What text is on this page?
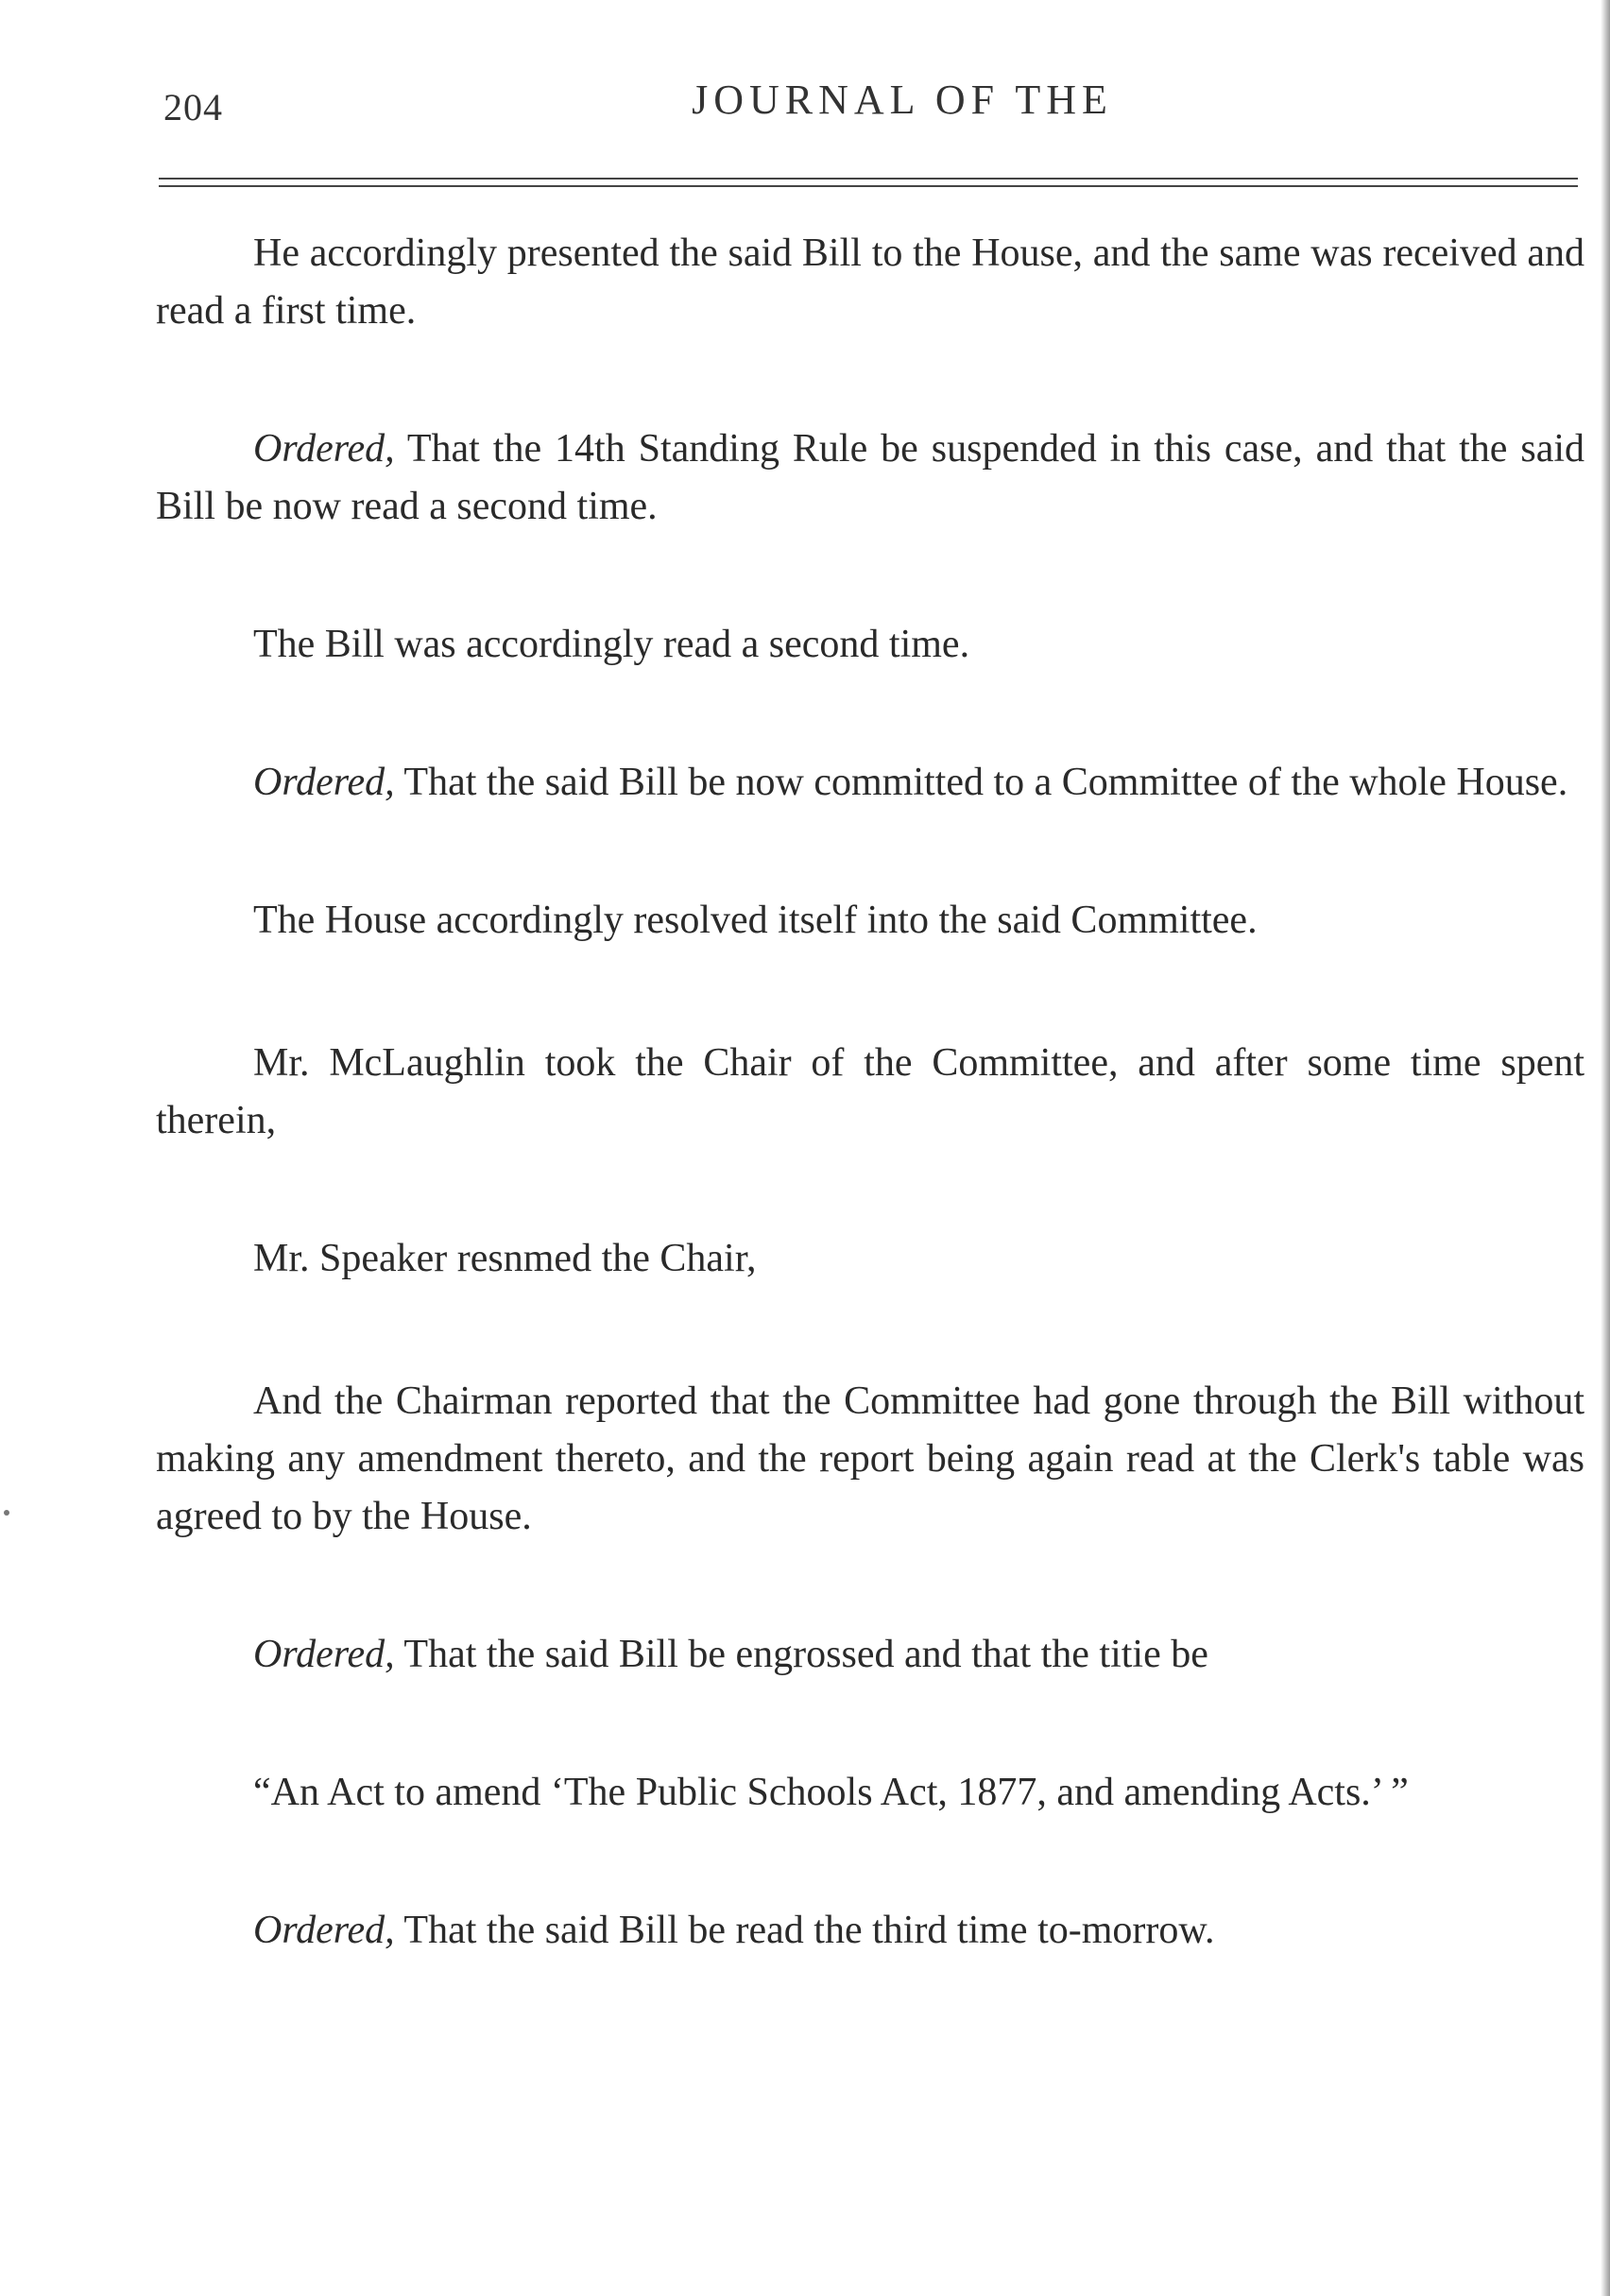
204	JOURNAL OF THE

He accordingly presented the said Bill to the House, and the same was received and read a first time.

Ordered, That the 14th Standing Rule be suspended in this case, and that the said Bill be now read a second time.

The Bill was accordingly read a second time.

Ordered, That the said Bill be now committed to a Committee of the whole House.

The House accordingly resolved itself into the said Committee.

Mr. McLaughlin took the Chair of the Committee, and after some time spent therein,

Mr. Speaker resnmed the Chair,

And the Chairman reported that the Committee had gone through the Bill without making any amendment thereto, and the report being again read at the Clerk's table was agreed to by the House.

Ordered, That the said Bill be engrossed and that the titie be

“An Act to amend ‘The Public Schools Act, 1877, and amending Acts.’ ”

Ordered, That the said Bill be read the third time to-morrow.
